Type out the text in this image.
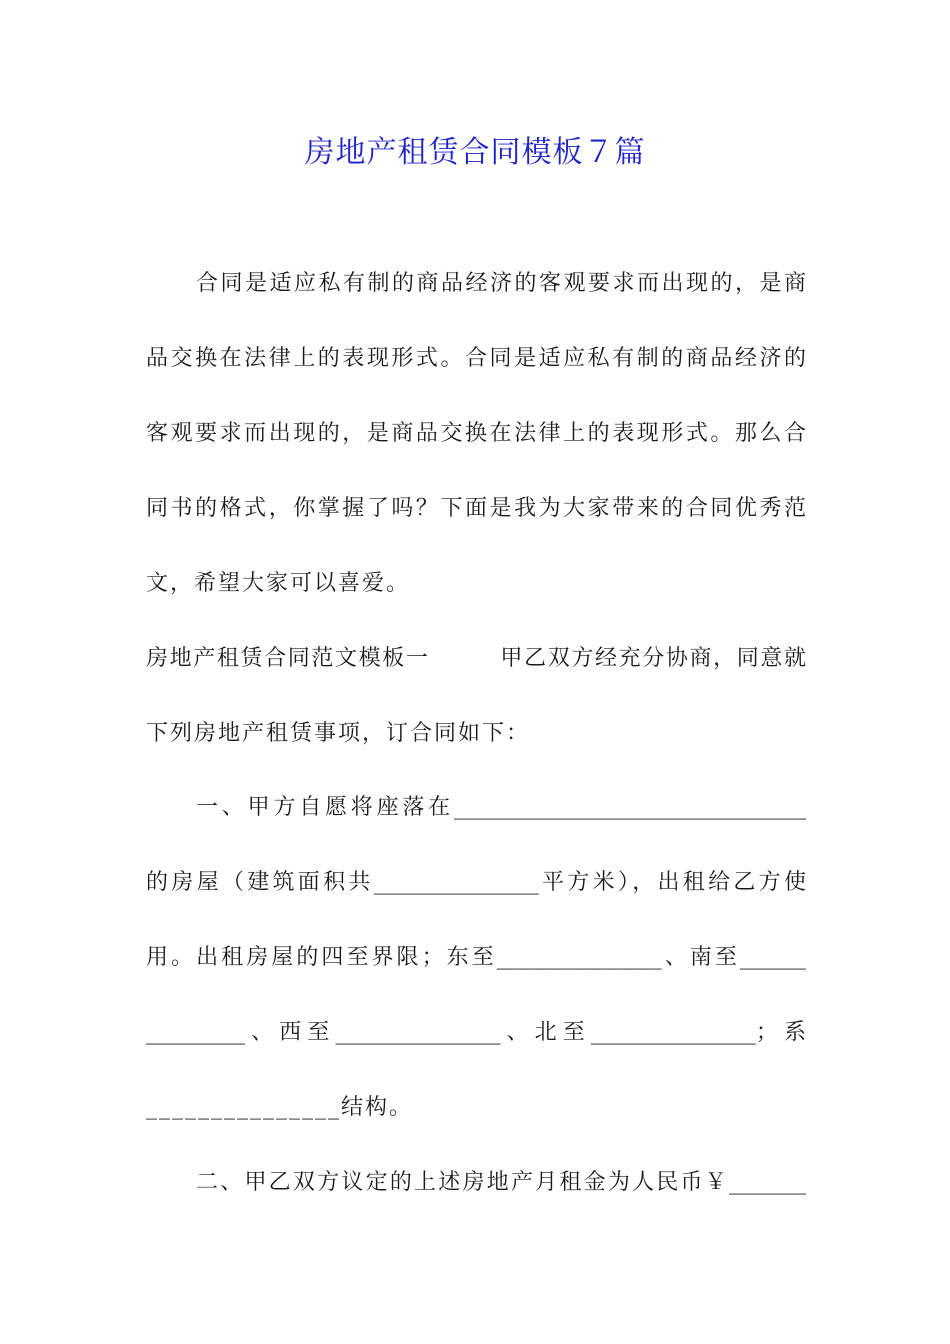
房地产租赁合同模板７篇
合同是适应私有制的商品经济的客观要求而出现的，是商
品交换在法律上的表现形式。合同是适应私有制的商品经济的
客观要求而出现的，是商品交换在法律上的表现形式。那么合
同书的格式，你掌握了吗？下面是我为大家带来的合同优秀范
文，希望大家可以喜爱。
房地产租赁合同范文模板一　　　甲乙双方经充分协商，同意就
下列房地产租赁事项，订合同如下：
一、甲方自愿将座落在________________________________
的房屋（建筑面积共_______________平方米），出租给乙方使
用。出租房屋的四至界限；东至_______________、南至______
_________、西至_______________、北至_______________；系
_______________结构。
二、甲乙双方议定的上述房地产月租金为人民币￥_______
